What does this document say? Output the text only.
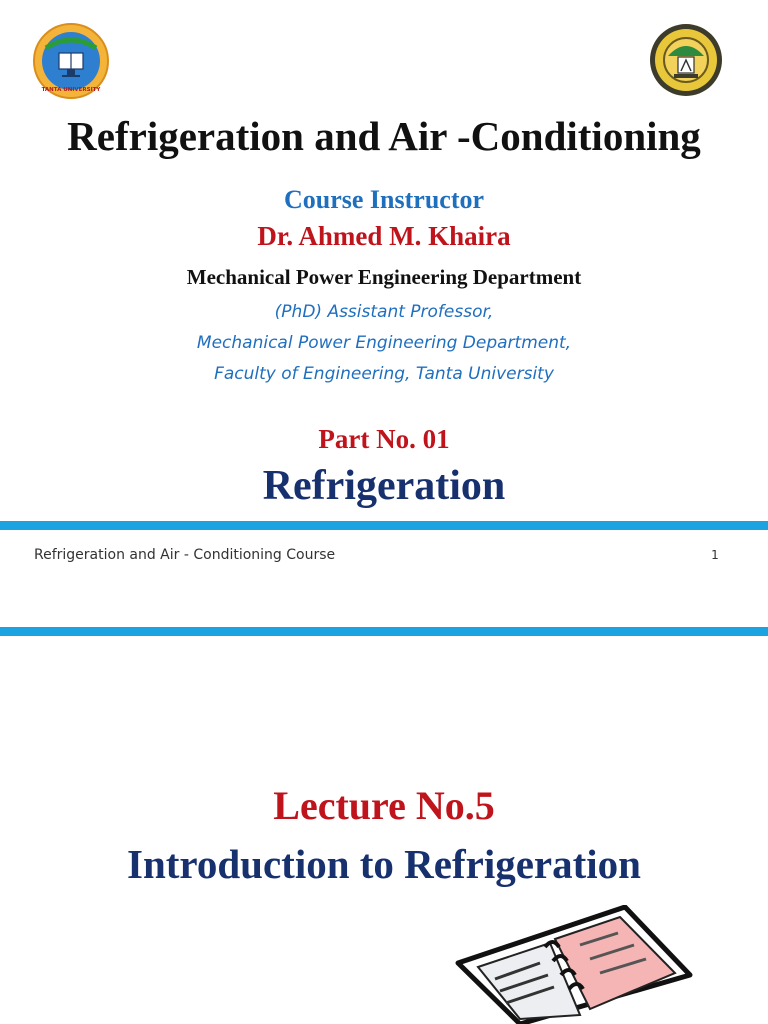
TANTA UNIVERSITY
Refrigeration and Air -Conditioning

Course Instructor

Dr. Ahmed M. Khaira

Mechanical Power Engineering Department

(PhD) Assistant Professor,

Mechanical Power Engineering Department,

Faculty of Engineering, Tanta University

Part No. 01

Refrigeration

Refrigeration and Air - Conditioning Course	1

Lecture No.5

Introduction to Refrigeration
